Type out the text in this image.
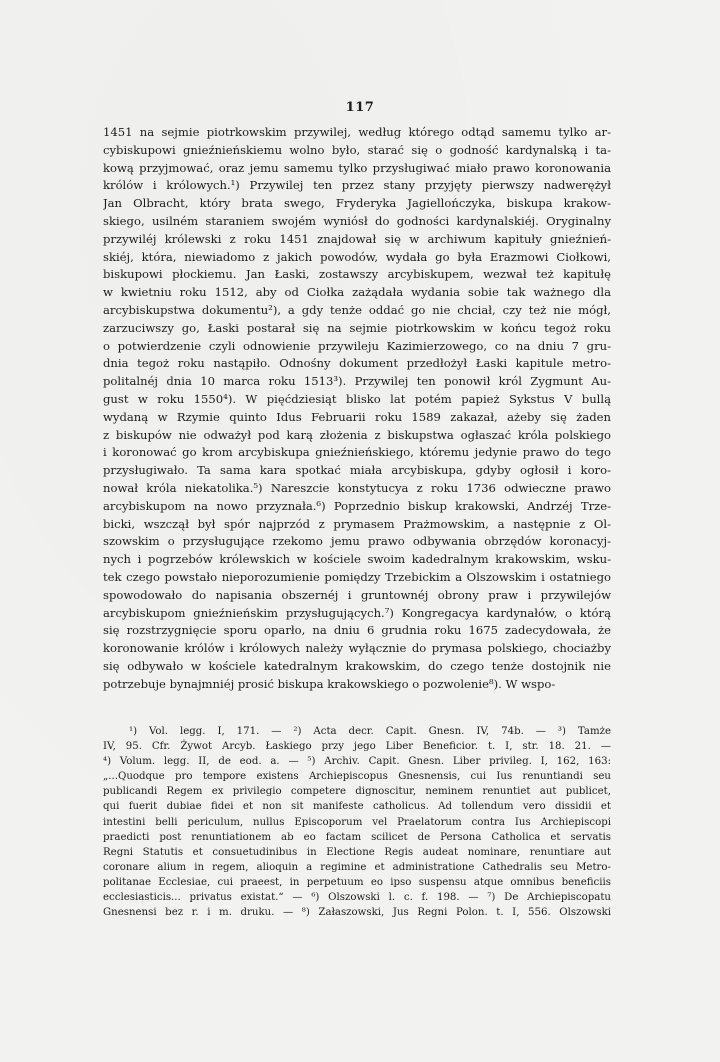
117
1451 na sejmie piotrkowskim przywilej, według którego odtąd samemu tylko ar-
cybiskupowi gnieźnieńskiemu wolno było, starać się o godność kardynalską i ta-
kową przyjmować, oraz jemu samemu tylko przysługiwać miało prawo koronowania
królów i królowych.¹) Przywilej ten przez stany przyjęty pierwszy nadwerężył
Jan Olbracht, który brata swego, Fryderyka Jagiellończyka, biskupa krakow-
skiego, usilném staraniem swojém wyniósł do godności kardynalskiéj. Oryginalny
przywiléj królewski z roku 1451 znajdował się w archiwum kapituły gnieźnień-
skiéj, która, niewiadomo z jakich powodów, wydała go była Erazmowi Ciołkowi,
biskupowi płockiemu. Jan Łaski, zostawszy arcybiskupem, wezwał też kapitułę
w kwietniu roku 1512, aby od Ciołka zażądała wydania sobie tak ważnego dla
arcybiskupstwa dokumentu²), a gdy tenże oddać go nie chciał, czy też nie mógł,
zarzuciwszy go, Łaski postarał się na sejmie piotrkowskim w końcu tegoż roku
o potwierdzenie czyli odnowienie przywileju Kazimierzowego, co na dniu 7 gru-
dnia tegoż roku nastąpiło. Odnośny dokument przedłożył Łaski kapitule metro-
politalnéj dnia 10 marca roku 1513³). Przywilej ten ponowił król Zygmunt Au-
gust w roku 1550⁴). W pięćdziesiąt blisko lat potém papież Sykstus V bullą
wydaną w Rzymie quinto Idus Februarii roku 1589 zakazał, ażeby się żaden
z biskupów nie odważył pod karą złożenia z biskupstwa ogłaszać króla polskiego
i koronować go krom arcybiskupa gnieźnieńskiego, któremu jedynie prawo do tego
przysługiwało. Ta sama kara spotkać miała arcybiskupa, gdyby ogłosił i koro-
nował króla niekatolika.⁵) Nareszcie konstytucya z roku 1736 odwieczne prawo
arcybiskupom na nowo przyznała.⁶) Poprzednio biskup krakowski, Andrzéj Trze-
bicki, wszczął był spór najprzód z prymasem Prażmowskim, a następnie z Ol-
szowskim o przysługujące rzekomo jemu prawo odbywania obrzędów koronacyj-
nych i pogrzebów królewskich w kościele swoim kadedralnym krakowskim, wsku-
tek czego powstało nieporozumienie pomiędzy Trzebickim a Olszowskim i ostatniego
spowodowało do napisania obszernéj i gruntownéj obrony praw i przywilejów
arcybiskupom gnieźnieńskim przysługujących.⁷) Kongregacya kardynałów, o którą
się rozstrzygnięcie sporu oparło, na dniu 6 grudnia roku 1675 zadecydowała, że
koronowanie królów i królowych należy wyłącznie do prymasa polskiego, chociażby
się odbywało w kościele katedralnym krakowskim, do czego tenże dostojnik nie
potrzebuje bynajmniéj prosić biskupa krakowskiego o pozwolenie⁸). W wspo-
¹) Vol. legg. I, 171. — ²) Acta decr. Capit. Gnesn. IV, 74b. — ³) Tamże
IV, 95. Cfr. Żywot Arcyb. Łaskiego przy jego Liber Beneficior. t. I, str. 18. 21. —
⁴) Volum. legg. II, de eod. a. — ⁵) Archiv. Capit. Gnesn. Liber privileg. I, 162, 163:
„...Quodque pro tempore existens Archiepiscopus Gnesnensis, cui Ius renuntiandi seu
publicandi Regem ex privilegio competere dignoscitur, neminem renuntiet aut publicet,
qui fuerit dubiae fidei et non sit manifeste catholicus. Ad tollendum vero dissidii et
intestini belli periculum, nullus Episcoporum vel Praelatorum contra Ius Archiepiscopi
praedicti post renuntiationem ab eo factam scilicet de Persona Catholica et servatis
Regni Statutis et consuetudinibus in Electione Regis audeat nominare, renuntiare aut
coronare alium in regem, alioquin a regimine et administratione Cathedralis seu Metro-
politanae Ecclesiae, cui praeest, in perpetuum eo ipso suspensu atque omnibus beneficiis
ecclesiasticis... privatus existat.“ — ⁶) Olszowski l. c. f. 198. — ⁷) De Archiepiscopatu
Gnesnensi bez r. i m. druku. — ⁸) Załaszowski, Jus Regni Polon. t. I, 556. Olszowski
